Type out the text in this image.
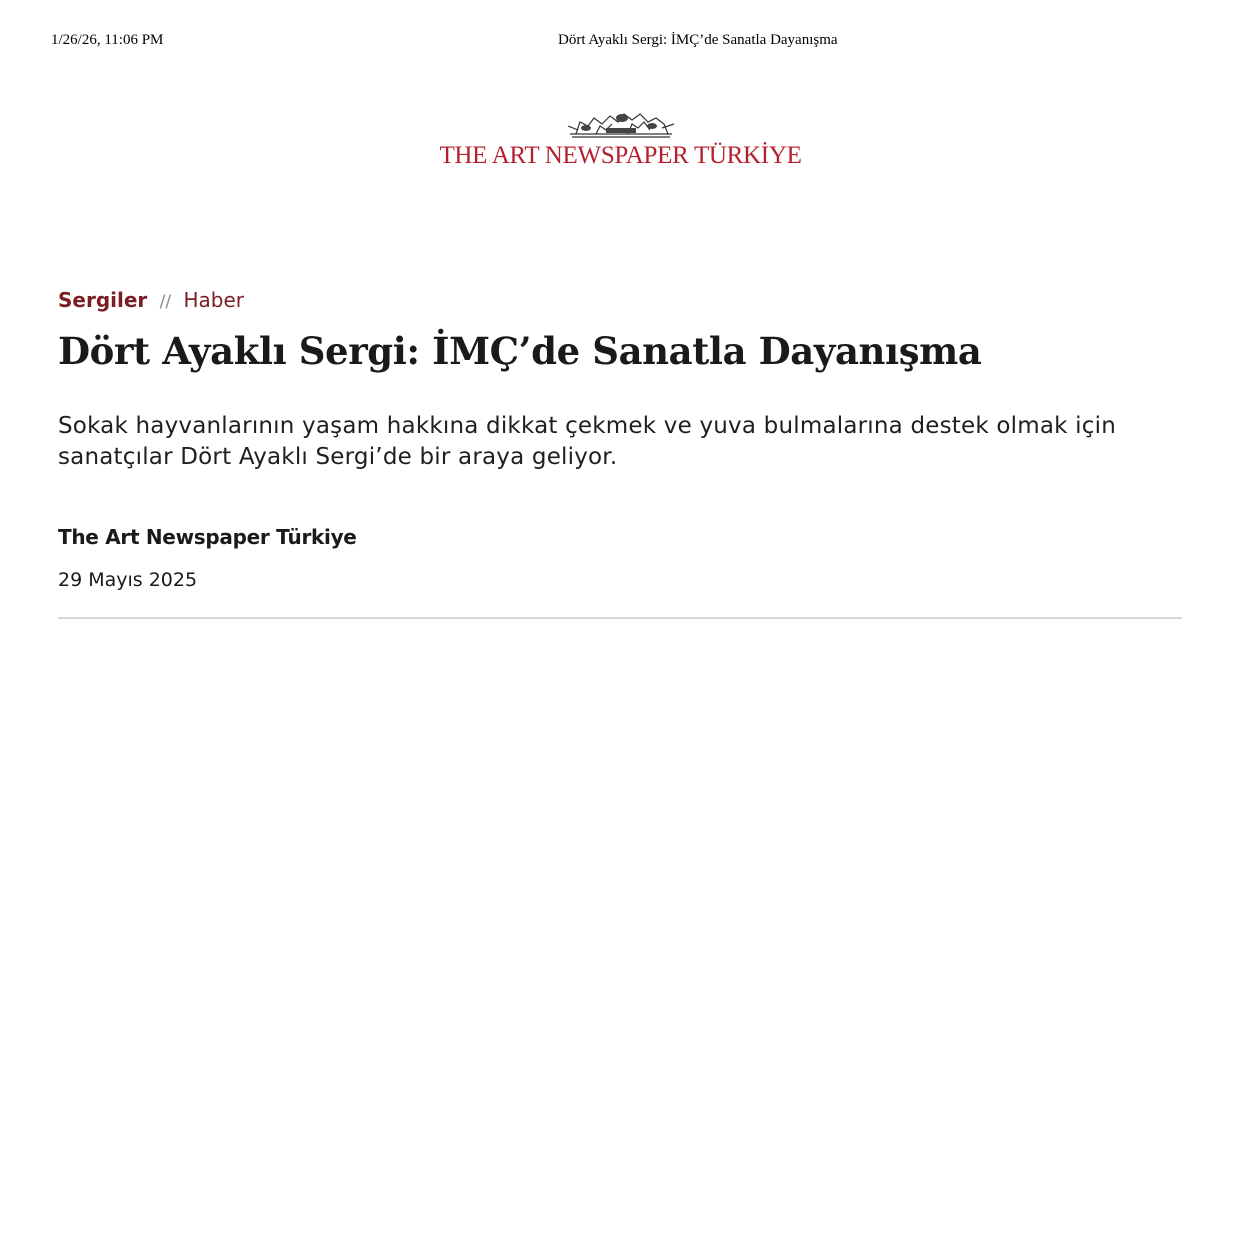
1/26/26, 11:06 PM	Dört Ayaklı Sergi: İMÇ’de Sanatla Dayanışma
THE ART NEWSPAPER TÜRKİYE
Sergiler // Haber
Dört Ayaklı Sergi: İMÇ’de Sanatla Dayanışma

Sokak hayvanlarının yaşam hakkına dikkat çekmek ve yuva bulmalarına destek olmak için sanatçılar Dört Ayaklı Sergi’de bir araya geliyor.

The Art Newspaper Türkiye
29 Mayıs 2025
